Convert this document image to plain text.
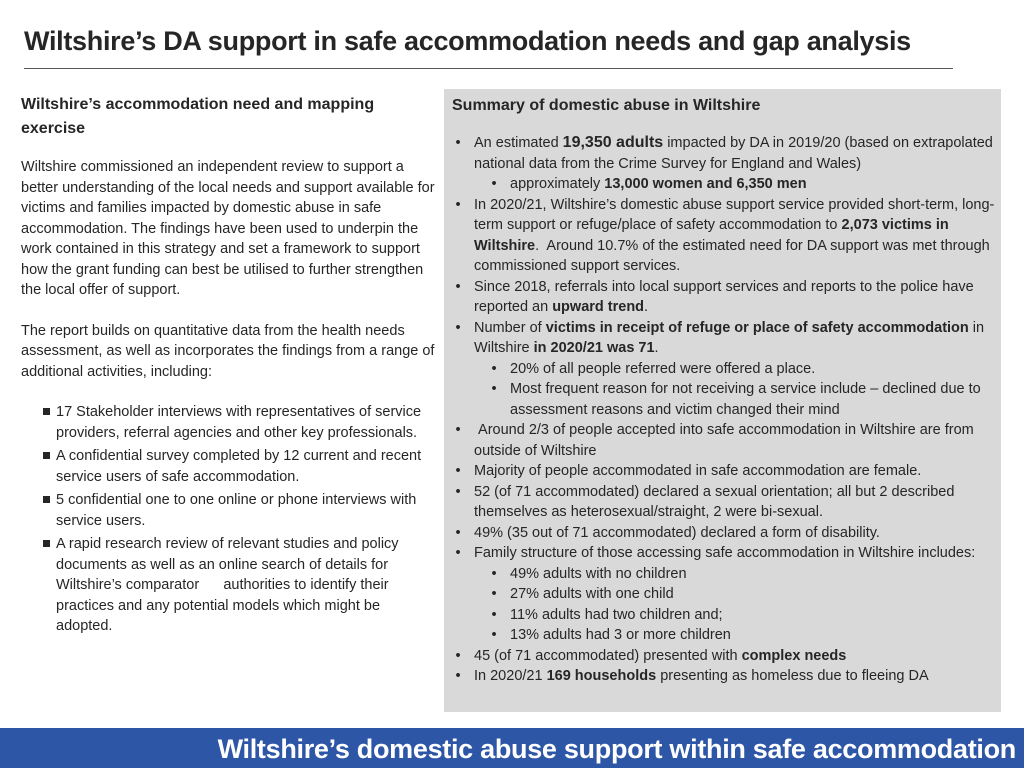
Wiltshire’s DA support in safe accommodation needs and gap analysis
Wiltshire’s accommodation need and mapping exercise

Wiltshire commissioned an independent review to support a better understanding of the local needs and support available for victims and families impacted by domestic abuse in safe accommodation. The findings have been used to underpin the work contained in this strategy and set a framework to support how the grant funding can best be utilised to further strengthen the local offer of support.

The report builds on quantitative data from the health needs assessment, as well as incorporates the findings from a range of additional activities, including:

17 Stakeholder interviews with representatives of service providers, referral agencies and other key professionals.
A confidential survey completed by 12 current and recent service users of safe accommodation.
5 confidential one to one online or phone interviews with service users.
A rapid research review of relevant studies and policy documents as well as an online search of details for Wiltshire’s comparator      authorities to identify their practices and any potential models which might be adopted.
Summary of domestic abuse in Wiltshire
• An estimated 19,350 adults impacted by DA in 2019/20 (based on extrapolated national data from the Crime Survey for England and Wales)
• approximately 13,000 women and 6,350 men
• In 2020/21, Wiltshire’s domestic abuse support service provided short-term, long-term support or refuge/place of safety accommodation to 2,073 victims in Wiltshire.  Around 10.7% of the estimated need for DA support was met through commissioned support services.
• Since 2018, referrals into local support services and reports to the police have reported an upward trend.
• Number of victims in receipt of refuge or place of safety accommodation in Wiltshire in 2020/21 was 71.
• 20% of all people referred were offered a place.
• Most frequent reason for not receiving a service include – declined due to assessment reasons and victim changed their mind
• Around 2/3 of people accepted into safe accommodation in Wiltshire are from outside of Wiltshire
• Majority of people accommodated in safe accommodation are female.
• 52 (of 71 accommodated) declared a sexual orientation; all but 2 described themselves as heterosexual/straight, 2 were bi-sexual.
• 49% (35 out of 71 accommodated) declared a form of disability.
• Family structure of those accessing safe accommodation in Wiltshire includes:
• 49% adults with no children
• 27% adults with one child
• 11% adults had two children and;
• 13% adults had 3 or more children
• 45 (of 71 accommodated) presented with complex needs
• In 2020/21 169 households presenting as homeless due to fleeing DA

Wiltshire’s domestic abuse support within safe accommodation
